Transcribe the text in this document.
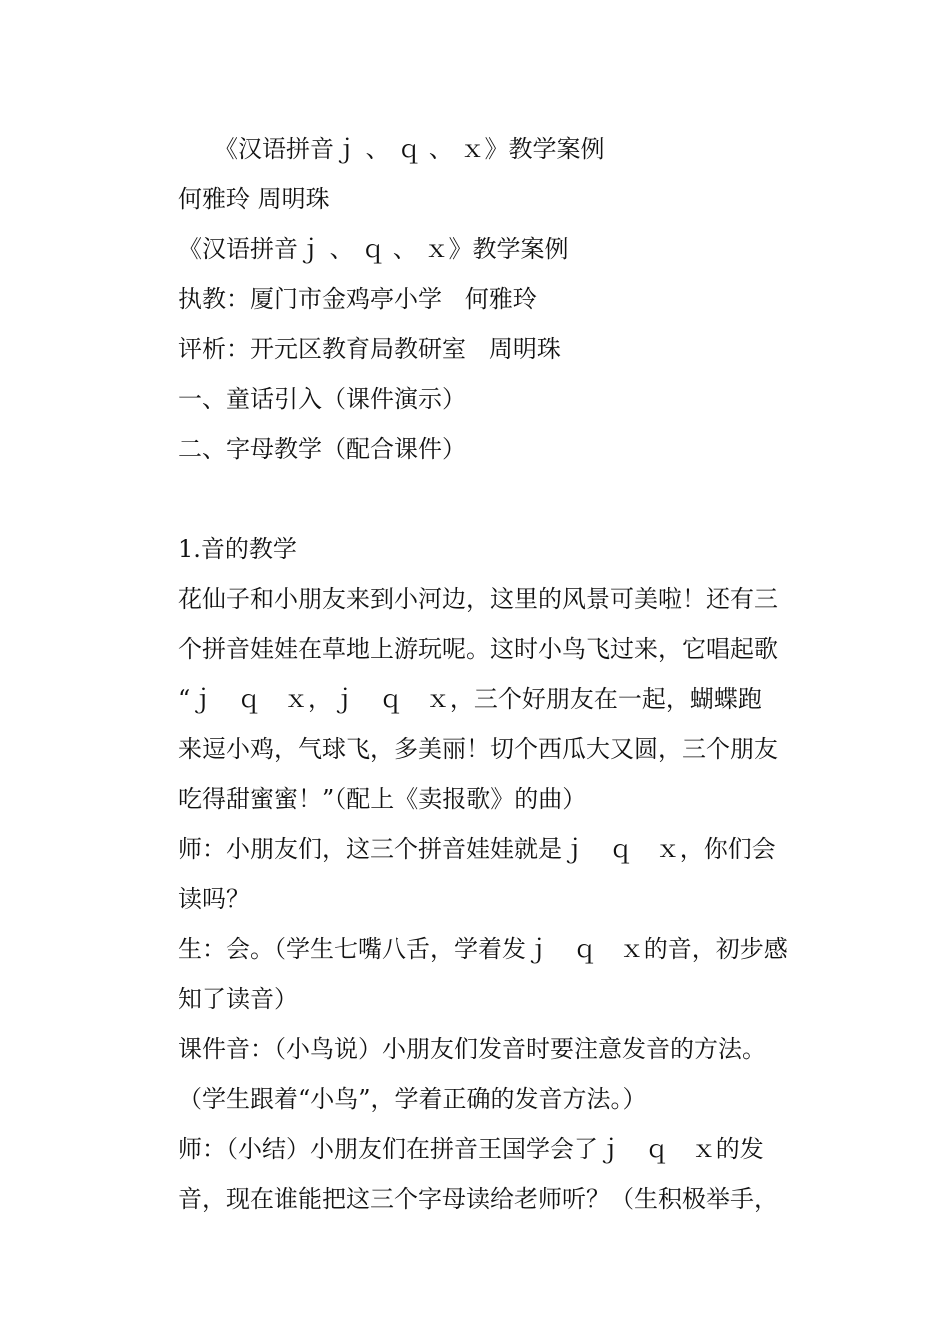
《汉语拼音ｊ 、 ｑ 、 ｘ》教学案例
何雅玲 周明珠
《汉语拼音ｊ 、 ｑ 、 ｘ》教学案例
执教：厦门市金鸡亭小学   何雅玲
评析：开元区教育局教研室   周明珠
一、童话引入（课件演示）
二、字母教学（配合课件）
1.音的教学
花仙子和小朋友来到小河边，这里的风景可美啦！还有三
个拼音娃娃在草地上游玩呢。这时小鸟飞过来，它唱起歌
“ｊ   ｑ   ｘ，ｊ   ｑ   ｘ，三个好朋友在一起，蝴蝶跑
来逗小鸡，气球飞，多美丽！切个西瓜大又圆，三个朋友
吃得甜蜜蜜！”（配上《卖报歌》的曲）
师：小朋友们，这三个拼音娃娃就是ｊ   ｑ   ｘ，你们会
读吗？
生：会。（学生七嘴八舌，学着发ｊ   ｑ   ｘ的音，初步感
知了读音）
课件音：（小鸟说）小朋友们发音时要注意发音的方法。
（学生跟着“小鸟”，学着正确的发音方法。）
师：（小结）小朋友们在拼音王国学会了ｊ   ｑ   ｘ的发
音，现在谁能把这三个字母读给老师听？（生积极举手，
